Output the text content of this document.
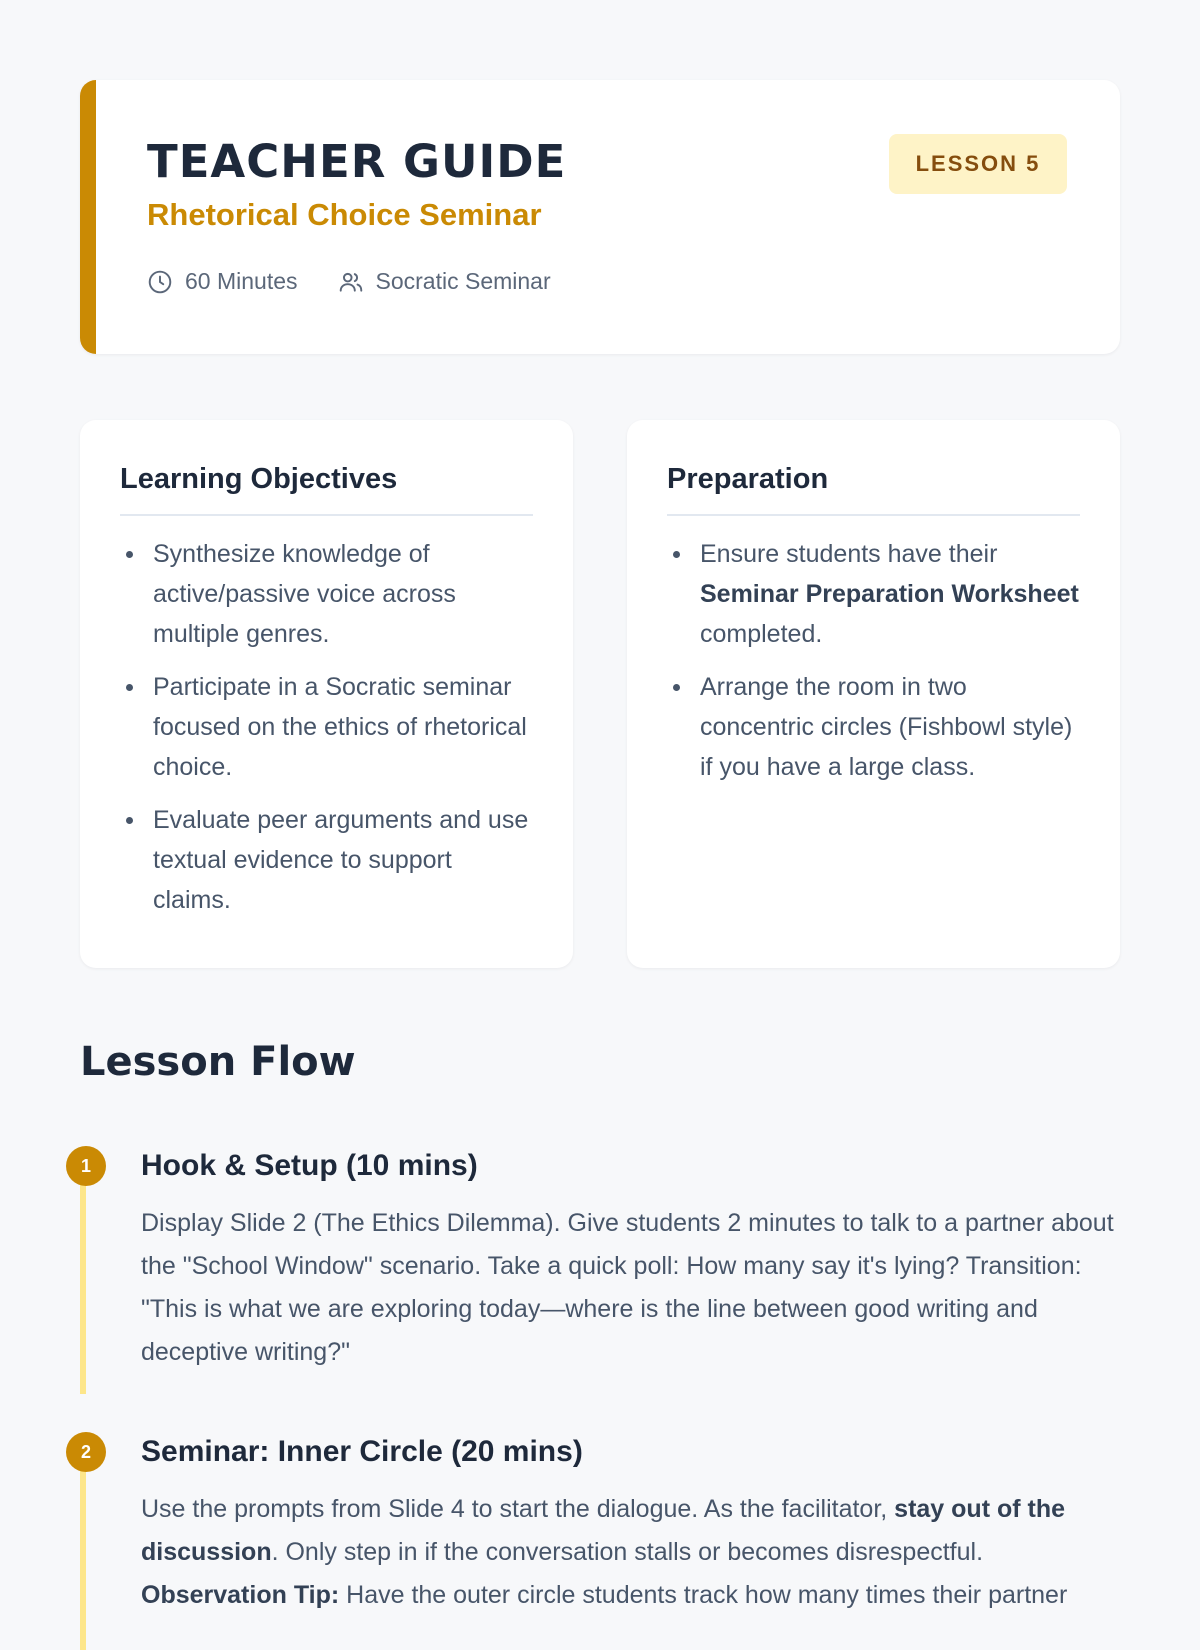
TEACHER GUIDE
Rhetorical Choice Seminar
LESSON 5
60 Minutes	Socratic Seminar
Learning Objectives
Synthesize knowledge of active/passive voice across multiple genres.
Participate in a Socratic seminar focused on the ethics of rhetorical choice.
Evaluate peer arguments and use textual evidence to support claims.
Preparation
Ensure students have their Seminar Preparation Worksheet completed.
Arrange the room in two concentric circles (Fishbowl style) if you have a large class.
Lesson Flow
1	Hook & Setup (10 mins)

Display Slide 2 (The Ethics Dilemma). Give students 2 minutes to talk to a partner about the "School Window" scenario. Take a quick poll: How many say it's lying? Transition: "This is what we are exploring today—where is the line between good writing and deceptive writing?"

2	Seminar: Inner Circle (20 mins)

Use the prompts from Slide 4 to start the dialogue. As the facilitator, stay out of the discussion. Only step in if the conversation stalls or becomes disrespectful.
Observation Tip: Have the outer circle students track how many times their partner
